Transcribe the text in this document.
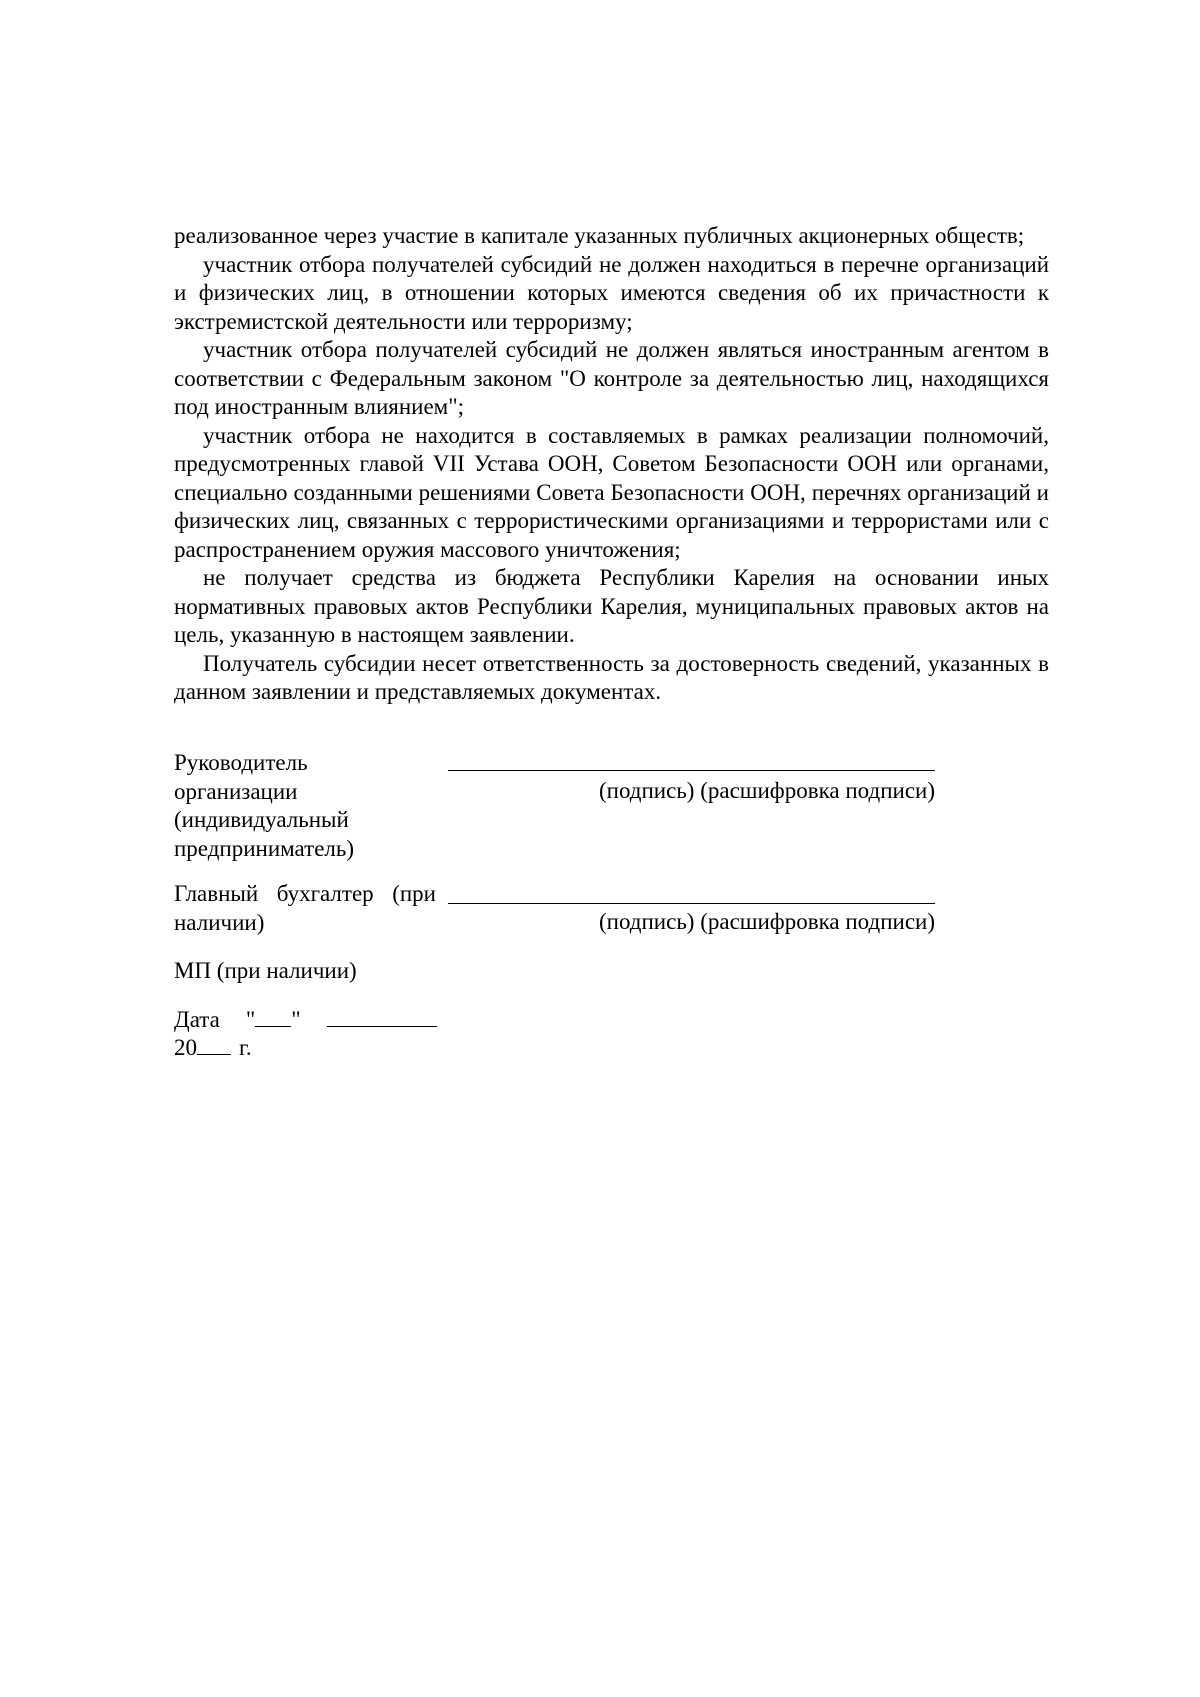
реализованное через участие в капитале указанных публичных акционерных обществ;

участник отбора получателей субсидий не должен находиться в перечне организаций и физических лиц, в отношении которых имеются сведения об их причастности к экстремистской деятельности или терроризму;

участник отбора получателей субсидий не должен являться иностранным агентом в соответствии с Федеральным законом "О контроле за деятельностью лиц, находящихся под иностранным влиянием";

участник отбора не находится в составляемых в рамках реализации полномочий, предусмотренных главой VII Устава ООН, Советом Безопасности ООН или органами, специально созданными решениями Совета Безопасности ООН, перечнях организаций и физических лиц, связанных с террористическими организациями и террористами или с распространением оружия массового уничтожения;

не получает средства из бюджета Республики Карелия на основании иных нормативных правовых актов Республики Карелия, муниципальных правовых актов на цель, указанную в настоящем заявлении.

Получатель субсидии несет ответственность за достоверность сведений, указанных в данном заявлении и представляемых документах.

Руководитель организации (индивидуальный предприниматель)
(подпись) (расшифровка подписи)
Главный бухгалтер (при наличии)	(подпись) (расшифровка подписи)
МП (при наличии)
Дата " "
20 г.
